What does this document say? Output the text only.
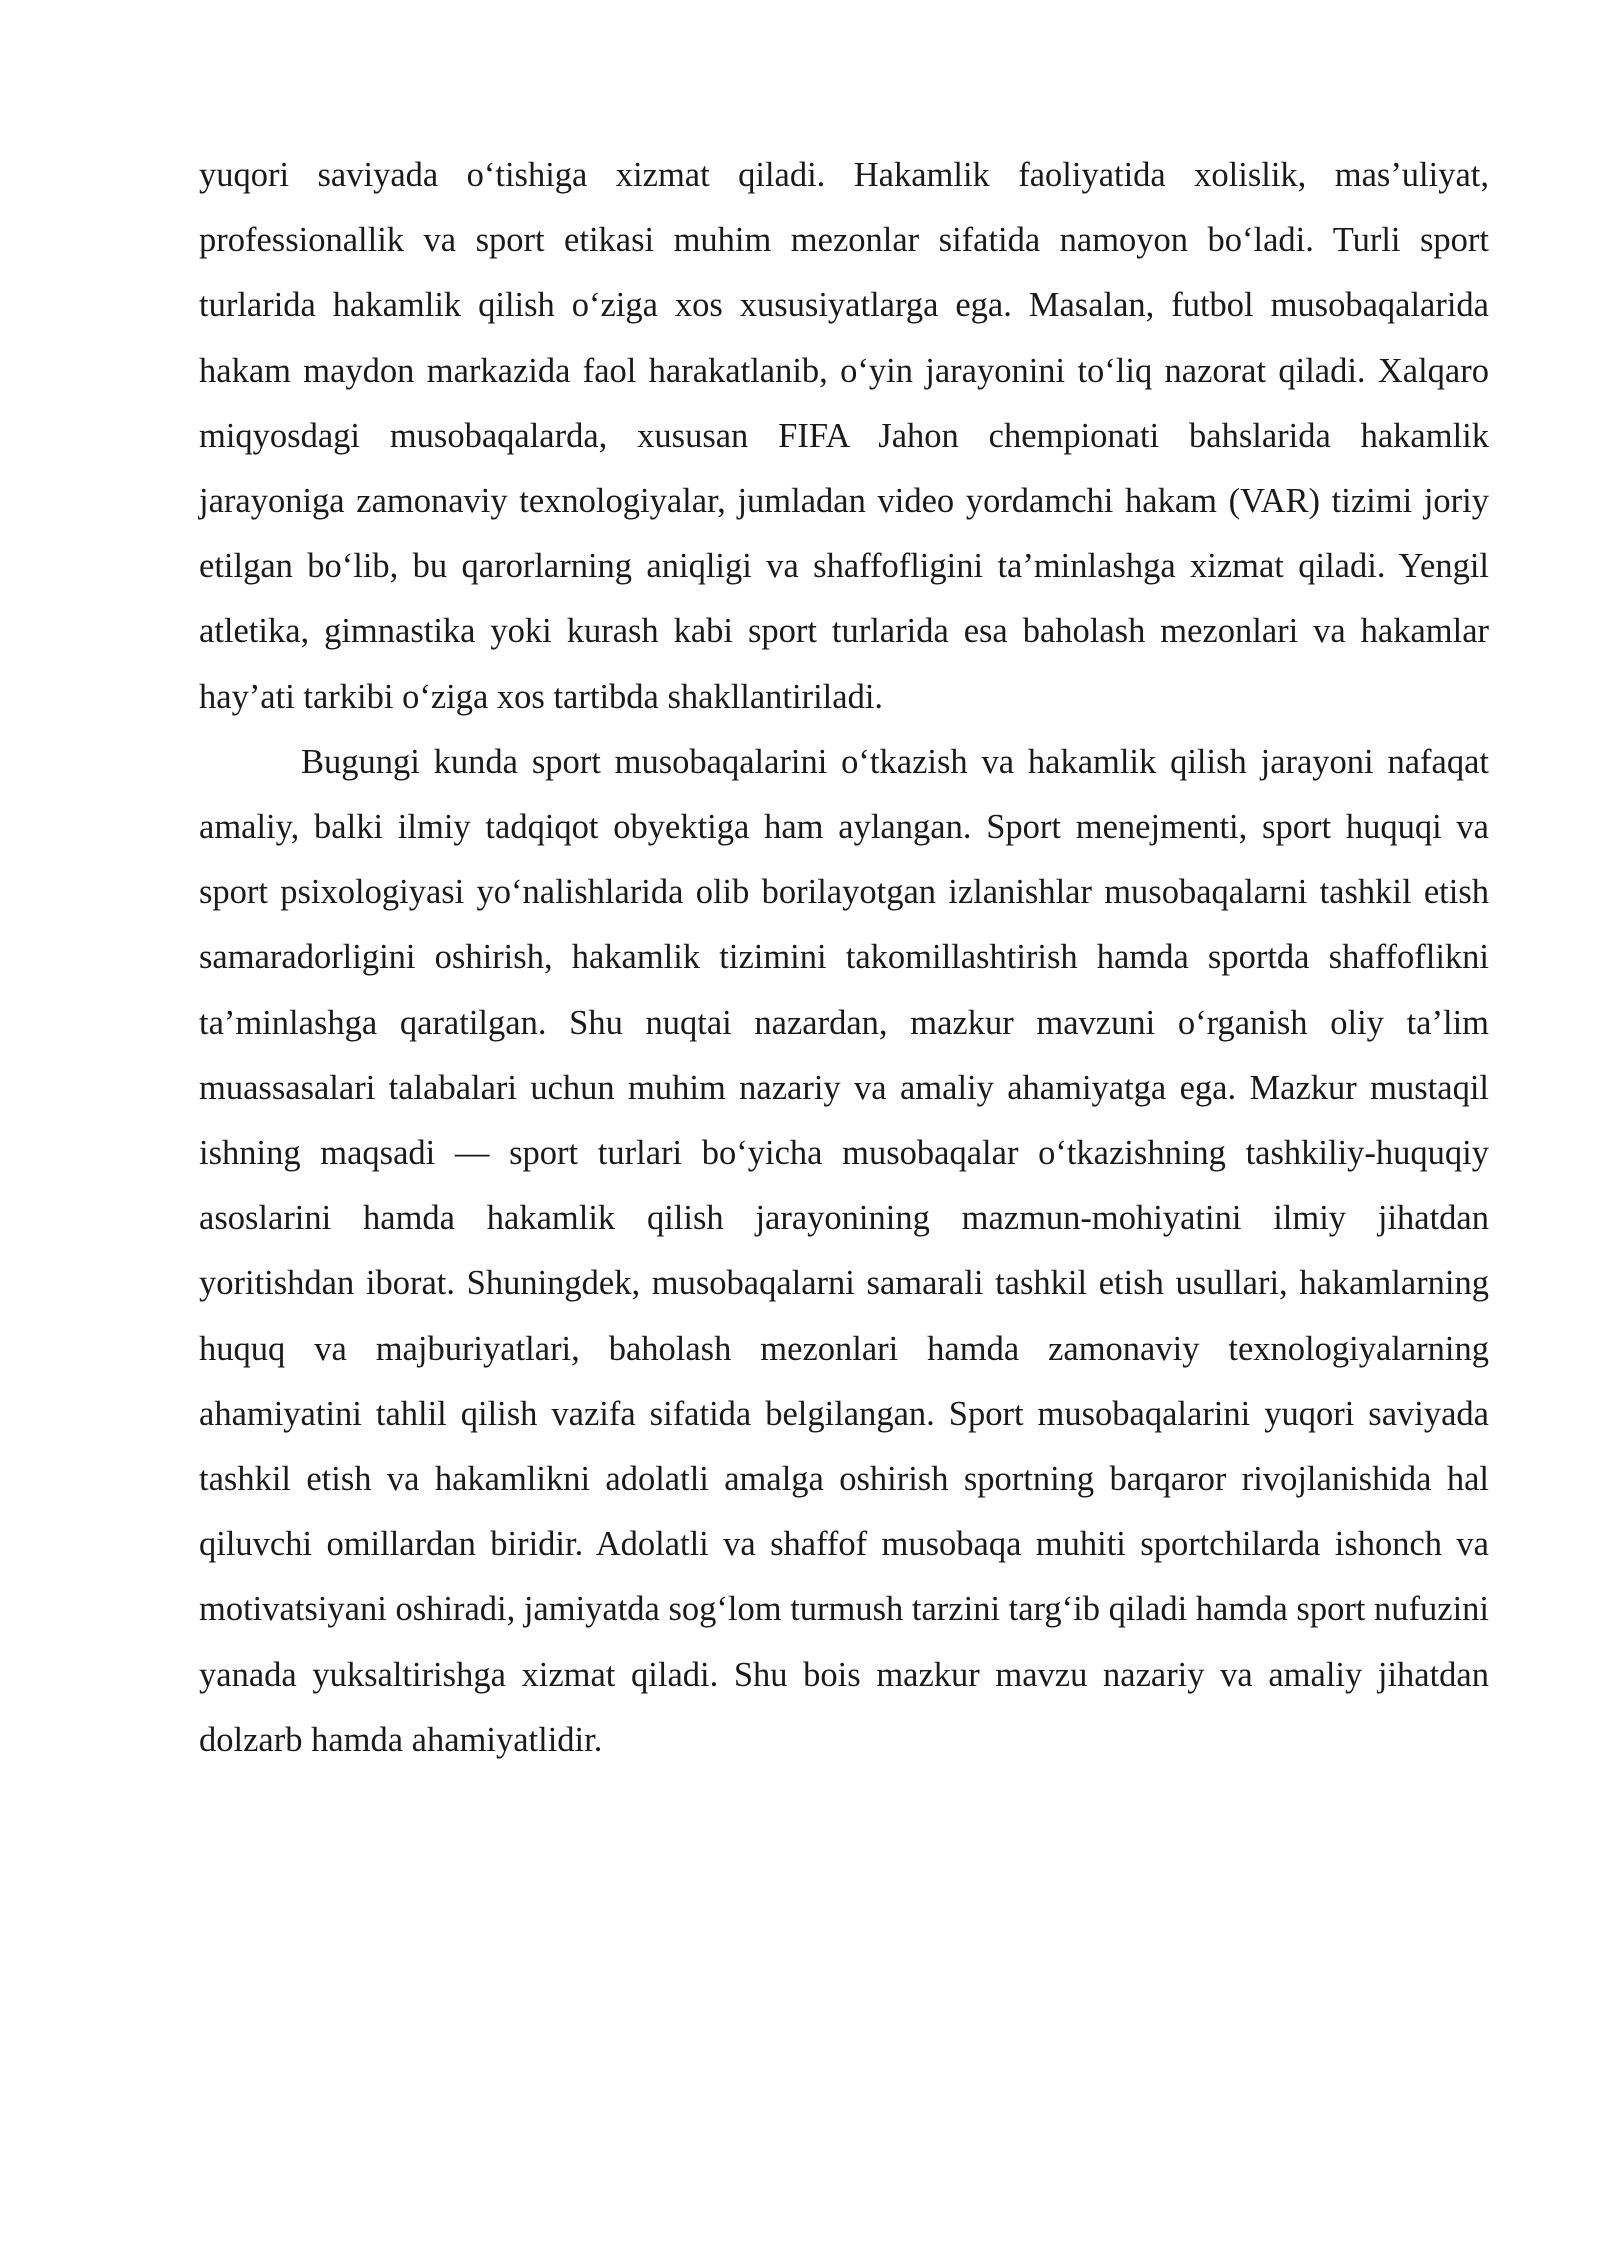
yuqori saviyada o‘tishiga xizmat qiladi. Hakamlik faoliyatida xolislik, mas’uliyat, professionallik va sport etikasi muhim mezonlar sifatida namoyon bo‘ladi. Turli sport turlarida hakamlik qilish o‘ziga xos xususiyatlarga ega. Masalan, futbol musobaqalarida hakam maydon markazida faol harakatlanib, o‘yin jarayonini to‘liq nazorat qiladi. Xalqaro miqyosdagi musobaqalarda, xususan FIFA Jahon chempionati bahslarida hakamlik jarayoniga zamonaviy texnologiyalar, jumladan video yordamchi hakam (VAR) tizimi joriy etilgan bo‘lib, bu qarorlarning aniqligi va shaffofligini ta’minlashga xizmat qiladi. Yengil atletika, gimnastika yoki kurash kabi sport turlarida esa baholash mezonlari va hakamlar hay’ati tarkibi o‘ziga xos tartibda shakllantiriladi.

Bugungi kunda sport musobaqalarini o‘tkazish va hakamlik qilish jarayoni nafaqat amaliy, balki ilmiy tadqiqot obyektiga ham aylangan. Sport menejmenti, sport huquqi va sport psixologiyasi yo‘nalishlarida olib borilayotgan izlanishlar musobaqalarni tashkil etish samaradorligini oshirish, hakamlik tizimini takomillashtirish hamda sportda shaffoflikni ta’minlashga qaratilgan. Shu nuqtai nazardan, mazkur mavzuni o‘rganish oliy ta’lim muassasalari talabalari uchun muhim nazariy va amaliy ahamiyatga ega. Mazkur mustaqil ishning maqsadi — sport turlari bo‘yicha musobaqalar o‘tkazishning tashkiliy-huquqiy asoslarini hamda hakamlik qilish jarayonining mazmun-mohiyatini ilmiy jihatdan yoritishdan iborat. Shuningdek, musobaqalarni samarali tashkil etish usullari, hakamlarning huquq va majburiyatlari, baholash mezonlari hamda zamonaviy texnologiyalarning ahamiyatini tahlil qilish vazifa sifatida belgilangan. Sport musobaqalarini yuqori saviyada tashkil etish va hakamlikni adolatli amalga oshirish sportning barqaror rivojlanishida hal qiluvchi omillardan biridir. Adolatli va shaffof musobaqa muhiti sportchilarda ishonch va motivatsiyani oshiradi, jamiyatda sog‘lom turmush tarzini targ‘ib qiladi hamda sport nufuzini yanada yuksaltirishga xizmat qiladi. Shu bois mazkur mavzu nazariy va amaliy jihatdan dolzarb hamda ahamiyatlidir.
